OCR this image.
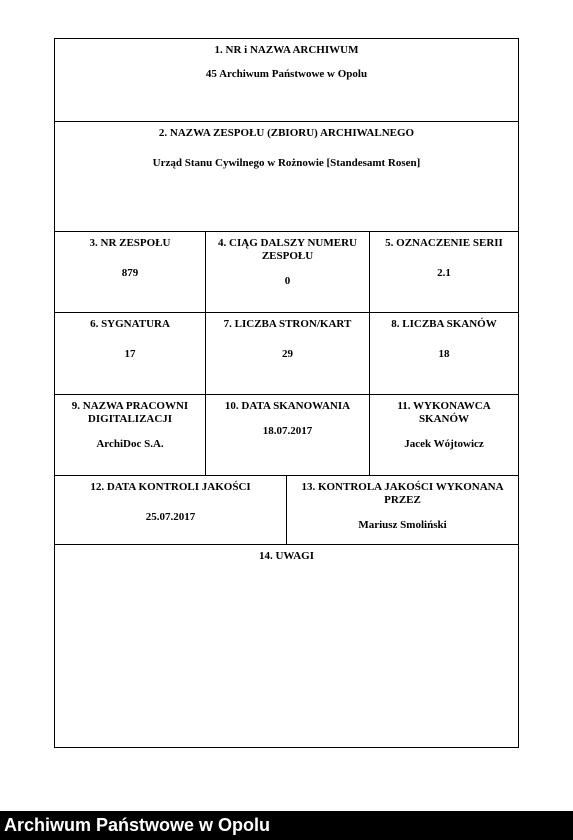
1. NR i NAZWA ARCHIWUM
45 Archiwum Państwowe w Opolu
2. NAZWA ZESPOŁU (ZBIORU) ARCHIWALNEGO
Urząd Stanu Cywilnego w Rożnowie [Standesamt Rosen]
3. NR ZESPOŁU
879
4. CIĄG DALSZY NUMERU ZESPOŁU
0
5. OZNACZENIE SERII
2.1
6. SYGNATURA
17
7. LICZBA STRON/KART
29
8. LICZBA SKANÓW
18
9. NAZWA PRACOWNI DIGITALIZACJI
ArchiDoc S.A.
10. DATA SKANOWANIA
18.07.2017
11. WYKONAWCA SKANÓW
Jacek Wójtowicz
12. DATA KONTROLI JAKOŚCI
25.07.2017
13. KONTROLA JAKOŚCI WYKONANA PRZEZ
Mariusz Smoliński
14. UWAGI
Archiwum Państwowe w Opolu
